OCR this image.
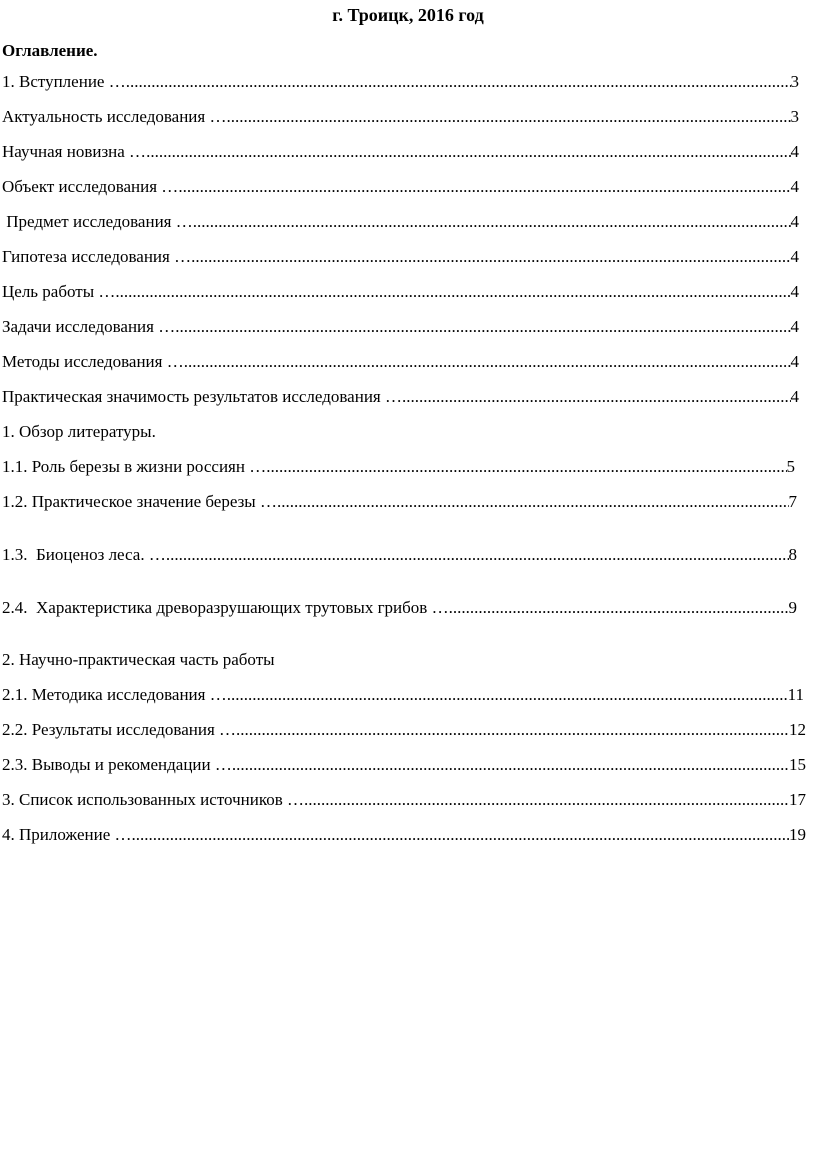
г. Троицк, 2016 год
Оглавление.
1. Вступление … .....	3
Актуальность исследования … .....	3
Научная новизна … .....	4
Объект исследования … .....	4
Предмет исследования … .....	4
Гипотеза исследования … .....	4
Цель работы … .....	4
Задачи исследования … .....	4
Методы исследования … .....	4
Практическая значимость результатов исследования … .....	4
1. Обзор литературы.
1.1. Роль березы в жизни россиян … .....	5
1.2. Практическое значение березы … .....	7
1.3.  Биоценоз леса. … .....	8
2.4.  Характеристика древоразрушающих трутовых грибов … .....	9
2. Научно-практическая часть работы
2.1. Методика исследования … .....	11
2.2. Результаты исследования … .....	12
2.3. Выводы и рекомендации … .....	15
3. Список использованных источников … .....	17
4. Приложение … .....	19
